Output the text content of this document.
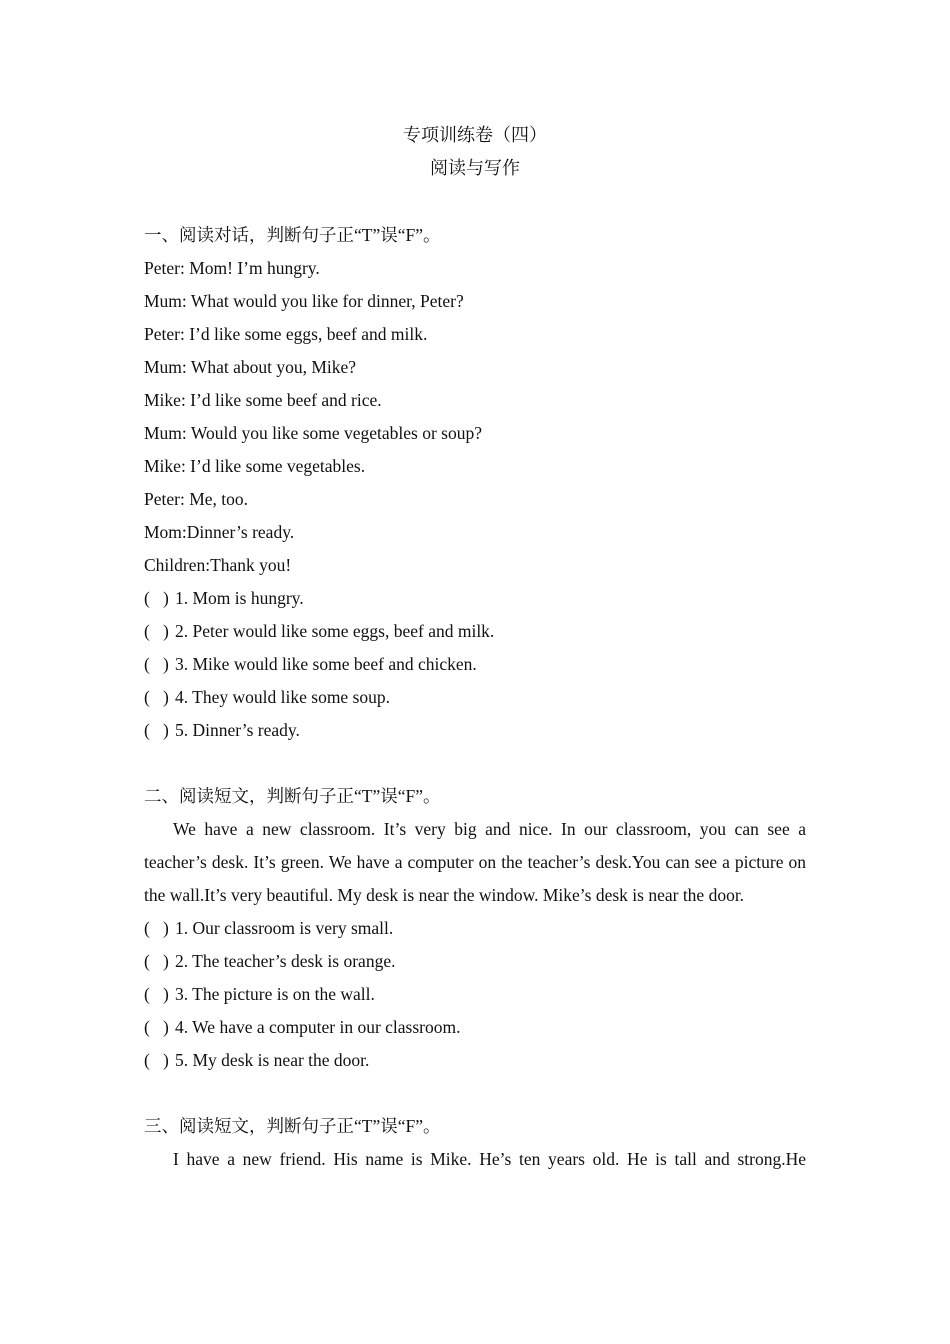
专项训练卷（四）
阅读与写作
一、阅读对话，判断句子正“T”误“F”。
Peter: Mom! I’m hungry.
Mum: What would you like for dinner, Peter?
Peter: I’d like some eggs, beef and milk.
Mum: What about you, Mike?
Mike: I’d like some beef and rice.
Mum: Would you like some vegetables or soup?
Mike: I’d like some vegetables.
Peter: Me, too.
Mom:Dinner’s ready.
Children:Thank you!
( ) 1. Mom is hungry.
( ) 2. Peter would like some eggs, beef and milk.
( ) 3. Mike would like some beef and chicken.
( ) 4. They would like some soup.
( ) 5. Dinner’s ready.
二、阅读短文，判断句子正“T”误“F”。
We have a new classroom. It’s very big and nice. In our classroom, you can see a teacher’s desk. It’s green. We have a computer on the teacher’s desk.You can see a picture on the wall.It’s very beautiful. My desk is near the window. Mike’s desk is near the door.
( ) 1. Our classroom is very small.
( ) 2. The teacher’s desk is orange.
( ) 3. The picture is on the wall.
( ) 4. We have a computer in our classroom.
( ) 5. My desk is near the door.
三、阅读短文，判断句子正“T”误“F”。
I have a new friend. His name is Mike. He’s ten years old. He is tall and strong.He
